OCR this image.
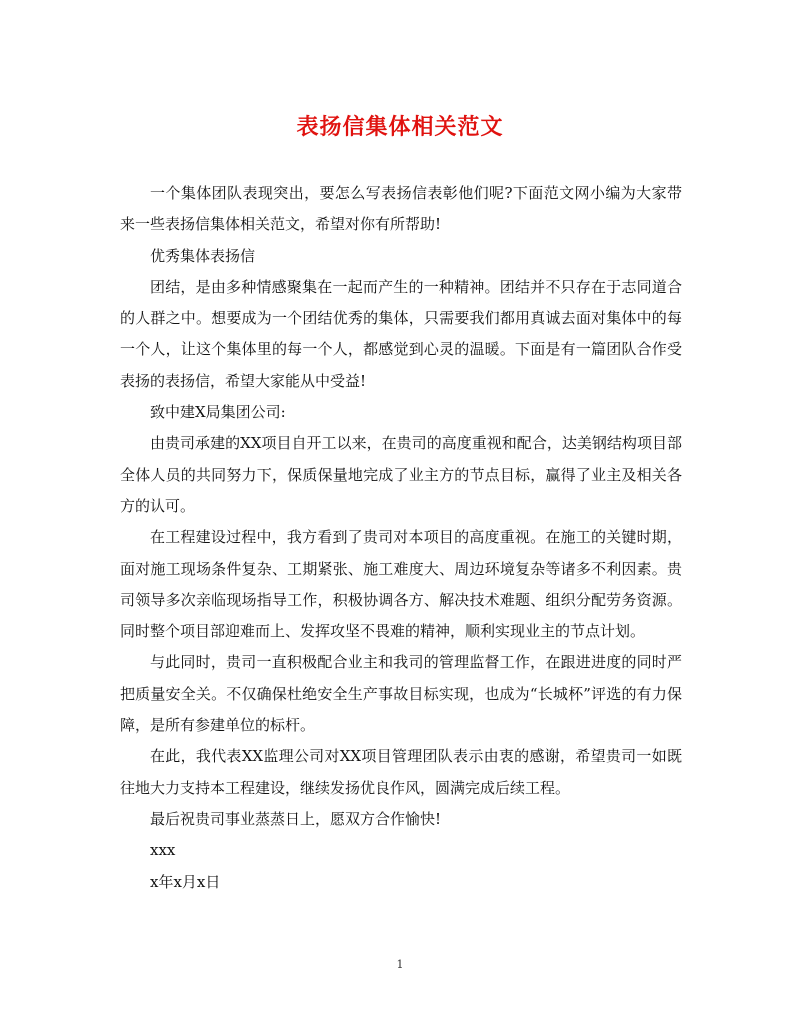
表扬信集体相关范文

一个集体团队表现突出，要怎么写表扬信表彰他们呢?下面范文网小编为大家带来一些表扬信集体相关范文，希望对你有所帮助!

优秀集体表扬信

团结，是由多种情感聚集在一起而产生的一种精神。团结并不只存在于志同道合的人群之中。想要成为一个团结优秀的集体，只需要我们都用真诚去面对集体中的每一个人，让这个集体里的每一个人，都感觉到心灵的温暖。下面是有一篇团队合作受表扬的表扬信，希望大家能从中受益!

致中建X局集团公司:

由贵司承建的XX项目自开工以来，在贵司的高度重视和配合，达美钢结构项目部全体人员的共同努力下，保质保量地完成了业主方的节点目标，赢得了业主及相关各方的认可。

在工程建设过程中，我方看到了贵司对本项目的高度重视。在施工的关键时期，面对施工现场条件复杂、工期紧张、施工难度大、周边环境复杂等诸多不利因素。贵司领导多次亲临现场指导工作，积极协调各方、解决技术难题、组织分配劳务资源。同时整个项目部迎难而上、发挥攻坚不畏难的精神，顺利实现业主的节点计划。

与此同时，贵司一直积极配合业主和我司的管理监督工作，在跟进进度的同时严把质量安全关。不仅确保杜绝安全生产事故目标实现，也成为“长城杯”评选的有力保障，是所有参建单位的标杆。

在此，我代表XX监理公司对XX项目管理团队表示由衷的感谢，希望贵司一如既往地大力支持本工程建设，继续发扬优良作风，圆满完成后续工程。

最后祝贵司事业蒸蒸日上，愿双方合作愉快!

xxx

x年x月x日

1
